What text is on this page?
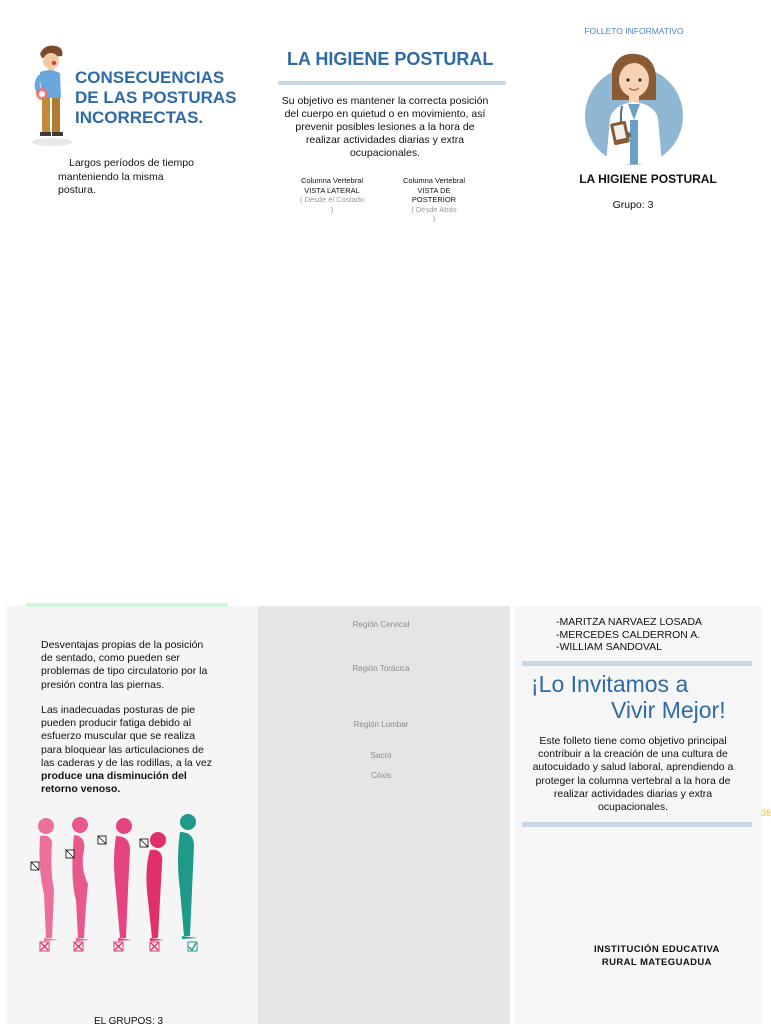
CONSECUENCIAS
DE LAS POSTURAS
INCORRECTAS.
Largos períodos de tiempo
manteniendo la misma
postura.
LA HIGIENE POSTURAL
Su objetivo es mantener la correcta posición
del cuerpo en quietud o en movimiento, así
prevenir posibles lesiones a la hora de
realizar actividades diarias y extra
ocupacionales.
Columna Vertebral
VISTA LATERAL
( Desde el Costado
)
Columna Vertebral
VISTA DE
POSTERIOR
( Desde Atrás
)
FOLLETO INFORMATIVO
LA HIGIENE POSTURAL
Grupo: 3
Desventajas propias de la posición
de sentado, como pueden ser
problemas de tipo circulatorio por la
presión contra las piernas.
Las inadecuadas posturas de pie
pueden producir fatiga debido al
esfuerzo muscular que se realiza
para bloquear las articulaciones de
las caderas y de las rodillas, a la vez
produce una disminución del
retorno venoso.
EL GRUPOS: 3
Región Cervical
Región Torácica
Región Lumbar
Sacro
Cóxis
-MARITZA NARVAEZ LOSADA
-MERCEDES CALDERRON A.
-WILLIAM SANDOVAL
¡Lo Invitamos a
Vivir Mejor!
Este folleto tiene como objetivo principal
contribuir a la creación de una cultura de
autocuidado y salud laboral, aprendiendo a
proteger la columna vertebral a la hora de
realizar actividades diarias y extra
ocupacionales.
INSTITUCIÓN EDUCATIVA
RURAL MATEGUADUA
38
